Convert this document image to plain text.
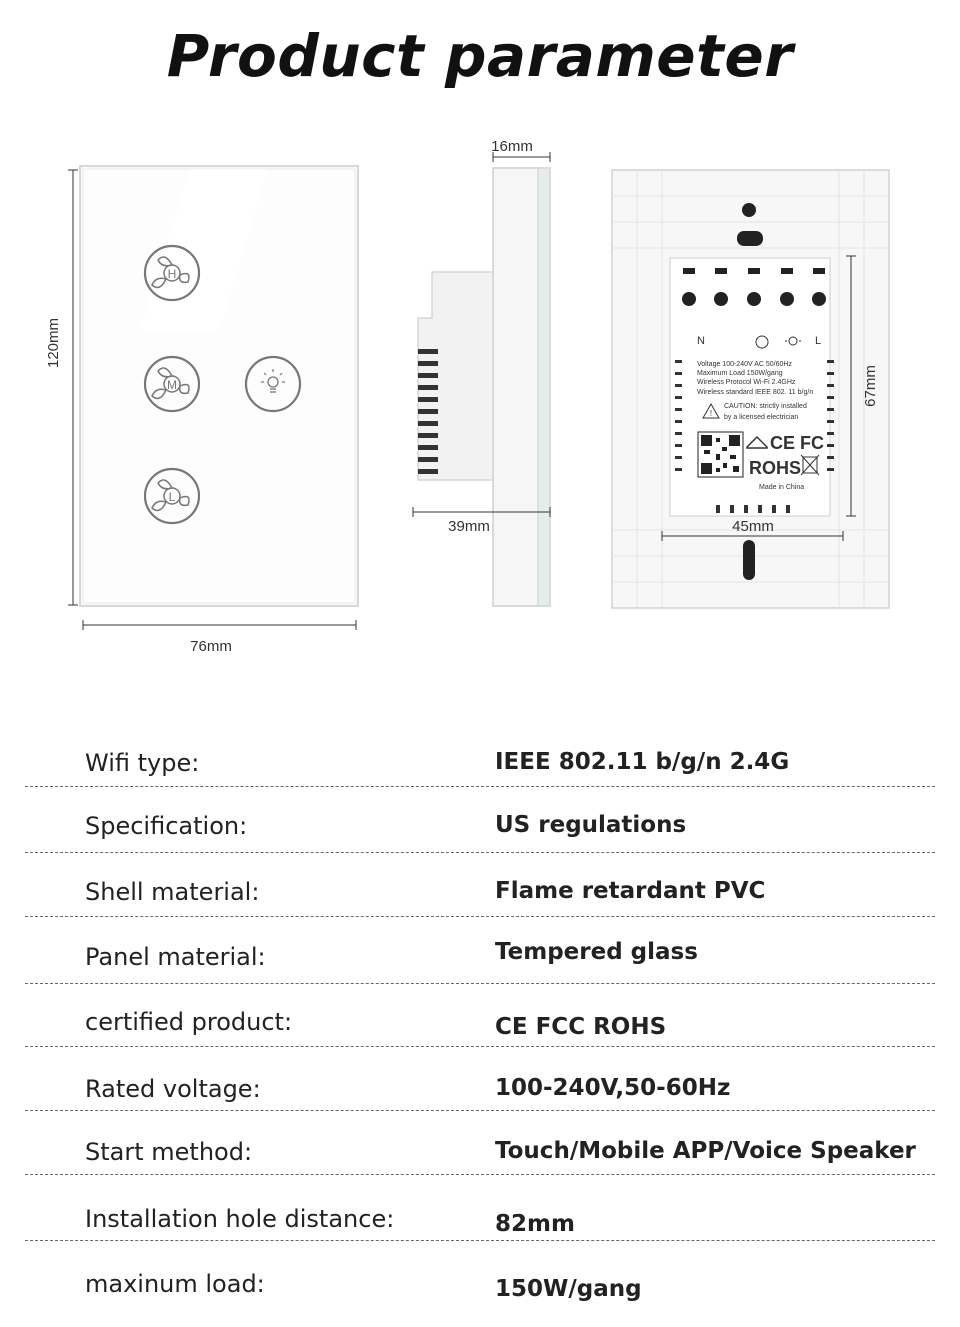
Product parameter
120mm
H
M
L
76mm
16mm
39mm
N	L
Voltage 100-240V AC 50/60Hz
Maximum Load 150W/gang
Wireless Protocol Wi-Fi 2.4GHz
Wireless standard IEEE 802. 11 b/g/n
!
CAUTION: strictly installed
by a licensed electrician
CE FC
ROHS
Made in China
67mm
45mm
Wifi type:	IEEE 802.11 b/g/n 2.4G
Specification:	US regulations
Shell material:	Flame retardant PVC
Panel material:	Tempered glass
certified product:	CE FCC ROHS
Rated voltage:	100-240V,50-60Hz
Start method:	Touch/Mobile APP/Voice Speaker
Installation hole distance:	82mm
maxinum load:	150W/gang
